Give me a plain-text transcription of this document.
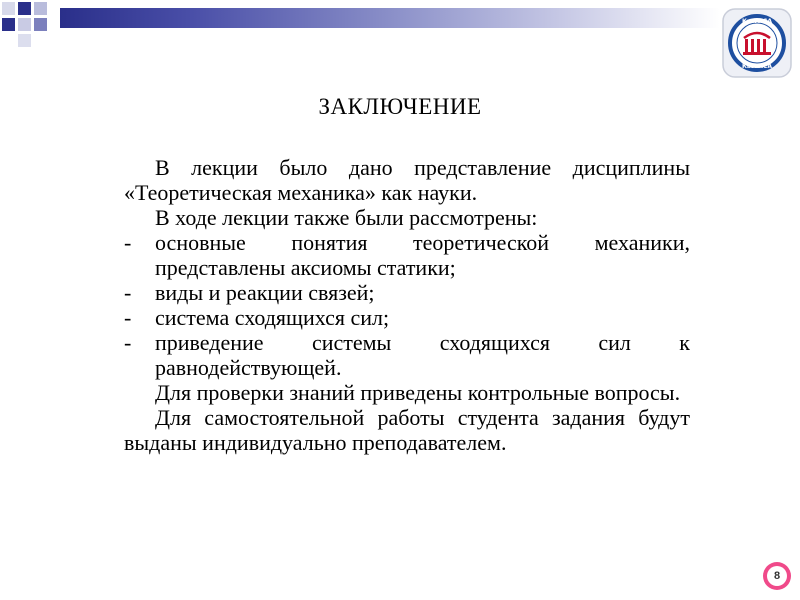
КазГАСА
КазГАСА
ЗАКЛЮЧЕНИЕ

В лекции было дано представление дисциплины «Теоретическая механика» как науки.

В ходе лекции также были рассмотрены:

- основные понятия теоретической механики, представлены аксиомы статики;

- виды и реакции связей;

- система сходящихся сил;

- приведение системы сходящихся сил к равнодействующей.

Для проверки знаний приведены контрольные вопросы.

Для самостоятельной работы студента задания будут выданы индивидуально преподавателем.

8
